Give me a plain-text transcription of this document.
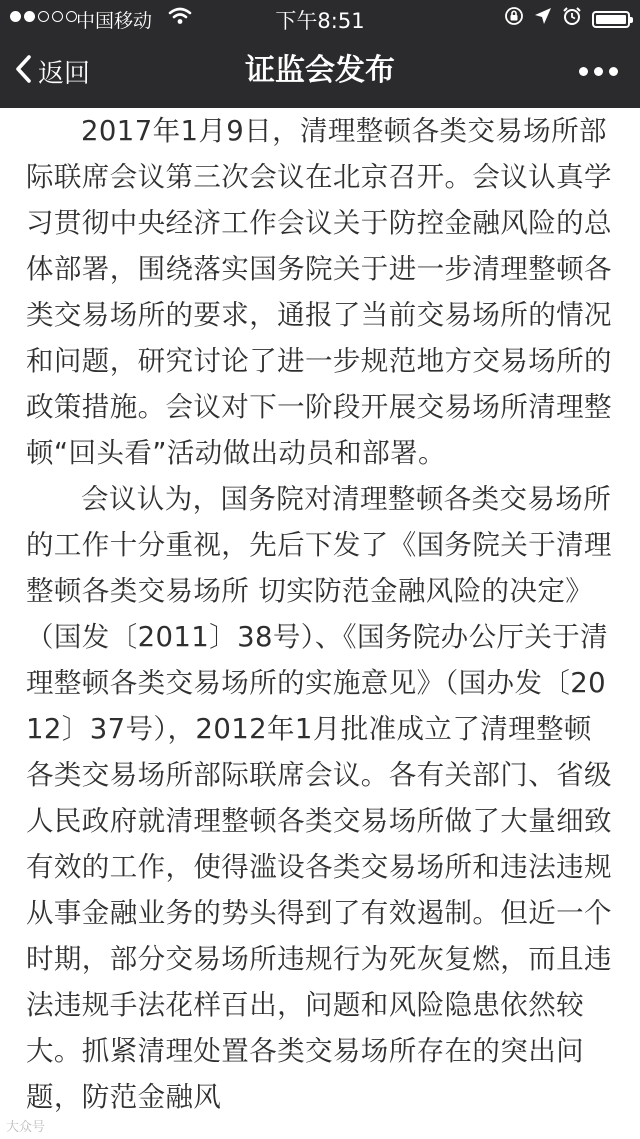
中国移动	下午8:51
返回	证监会发布

2017年1月9日，清理整顿各类交易场所部际联席会议第三次会议在北京召开。会议认真学习贯彻中央经济工作会议关于防控金融风险的总体部署，围绕落实国务院关于进一步清理整顿各类交易场所的要求，通报了当前交易场所的情况和问题，研究讨论了进一步规范地方交易场所的政策措施。会议对下一阶段开展交易场所清理整顿“回头看”活动做出动员和部署。

会议认为，国务院对清理整顿各类交易场所的工作十分重视，先后下发了《国务院关于清理整顿各类交易场所 切实防范金融风险的决定》（国发〔2011〕38号）、《国务院办公厅关于清理整顿各类交易场所的实施意见》（国办发〔2012〕37号），2012年1月批准成立了清理整顿各类交易场所部际联席会议。各有关部门、省级人民政府就清理整顿各类交易场所做了大量细致有效的工作，使得滥设各类交易场所和违法违规从事金融业务的势头得到了有效遏制。但近一个时期，部分交易场所违规行为死灰复燃，而且违法违规手法花样百出，问题和风险隐患依然较大。抓紧清理处置各类交易场所存在的突出问题，防范金融风

大众号
